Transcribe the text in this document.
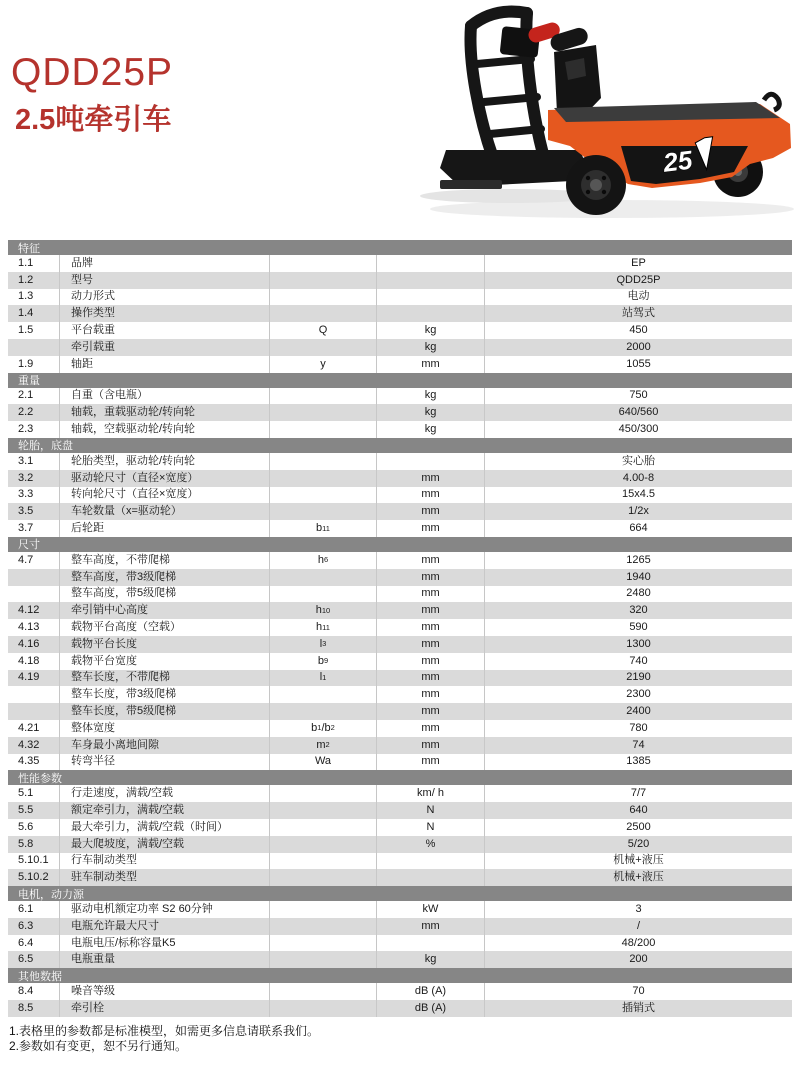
QDD25P
2.5吨牵引车
25
特征
1.1	品牌	EP
1.2	型号	QDD25P
1.3	动力形式	电动
1.4	操作类型	站驾式
1.5	平台载重	Q	kg	450
牵引载重	kg	2000
1.9	轴距	y	mm	1055
重量
2.1	自重（含电瓶）	kg	750
2.2	轴载，重载驱动轮/转向轮	kg	640/560
2.3	轴载，空载驱动轮/转向轮	kg	450/300
轮胎，底盘
3.1	轮胎类型，驱动轮/转向轮	实心胎
3.2	驱动轮尺寸（直径×宽度）	mm	4.00-8
3.3	转向轮尺寸（直径×宽度）	mm	15x4.5
3.5	车轮数量（x=驱动轮）	mm	1/2x
3.7	后轮距	b 11	mm	664
尺寸
4.7	整车高度，不带爬梯	h 6	mm	1265
整车高度，带3级爬梯	mm	1940
整车高度，带5级爬梯	mm	2480
4.12	牵引销中心高度	h 10	mm	320
4.13	载物平台高度（空载）	h 11	mm	590
4.16	载物平台长度	l 3	mm	1300
4.18	载物平台宽度	b 9	mm	740
4.19	整车长度，不带爬梯	l 1	mm	2190
整车长度，带3级爬梯	mm	2300
整车长度，带5级爬梯	mm	2400
4.21	整体宽度	b 1 /b 2	mm	780
4.32	车身最小离地间隙	m 2	mm	74
4.35	转弯半径	Wa	mm	1385
性能参数
5.1	行走速度，满载/空载	km/ h	7/7
5.5	额定牵引力，满载/空载	N	640
5.6	最大牵引力，满载/空载（时间）	N	2500
5.8	最大爬坡度，满载/空载	%	5/20
5.10.1	行车制动类型	机械+液压
5.10.2	驻车制动类型	机械+液压
电机，动力源
6.1	驱动电机额定功率 S2 60分钟	kW	3
6.3	电瓶允许最大尺寸	mm	/
6.4	电瓶电压/标称容量K5	48/200
6.5	电瓶重量	kg	200
其他数据
8.4	噪音等级	dB (A)	70
8.5	牵引栓	dB (A)	插销式
1.表格里的参数都是标准模型，如需更多信息请联系我们。
2.参数如有变更，恕不另行通知。
